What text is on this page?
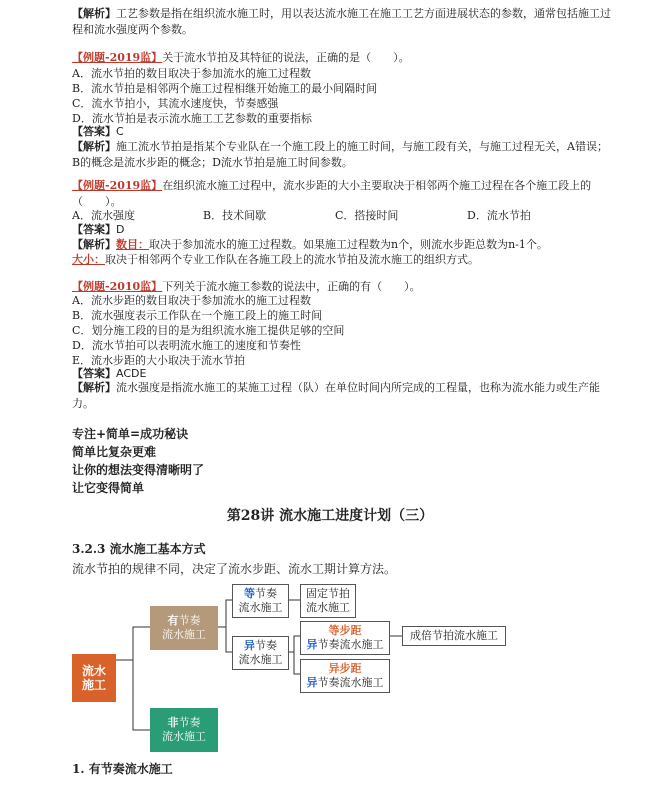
【解析】工艺参数是指在组织流水施工时，用以表达流水施工在施工工艺方面进展状态的参数，通常包括施工过程和流水强度两个参数。

【例题-2019监】关于流水节拍及其特征的说法，正确的是（　　）。

A．流水节拍的数目取决于参加流水的施工过程数
B．流水节拍是相邻两个施工过程相继开始施工的最小间隔时间
C．流水节拍小，其流水速度快，节奏感强
D．流水节拍是表示流水施工工艺参数的重要指标
【答案】C

【解析】施工流水节拍是指某个专业队在一个施工段上的施工时间，与施工段有关，与施工过程无关，A错误；B的概念是流水步距的概念；D流水节拍是施工时间参数。

【例题-2019监】在组织流水施工过程中，流水步距的大小主要取决于相邻两个施工过程在各个施工段上的（　　）。

A．流水强度	B．技术间歇	C．搭接时间	D．流水节拍
【答案】D

【解析】数目：取决于参加流水的施工过程数。如果施工过程数为n个，则流水步距总数为n-1个。

大小：取决于相邻两个专业工作队在各施工段上的流水节拍及流水施工的组织方式。

【例题-2010监】下列关于流水施工参数的说法中，正确的有（　　）。

A．流水步距的数目取决于参加流水的施工过程数
B．流水强度表示工作队在一个施工段上的施工时间
C．划分施工段的目的是为组织流水施工提供足够的空间
D．流水节拍可以表明流水施工的速度和节奏性
E．流水步距的大小取决于流水节拍
【答案】ACDE

【解析】流水强度是指流水施工的某施工过程（队）在单位时间内所完成的工程量，也称为流水能力或生产能力。

专注+简单=成功秘诀
简单比复杂更难
让你的想法变得清晰明了
让它变得简单
第28讲 流水施工进度计划（三）
3.2.3 流水施工基本方式
流水节拍的规律不同，决定了流水步距、流水工期计算方法。
流水
施工
有节奏
流水施工
非节奏
流水施工
等节奏
流水施工
异节奏
流水施工
固定节拍
流水施工
等步距
异节奏流水施工
异步距
异节奏流水施工
成倍节拍流水施工
1. 有节奏流水施工
